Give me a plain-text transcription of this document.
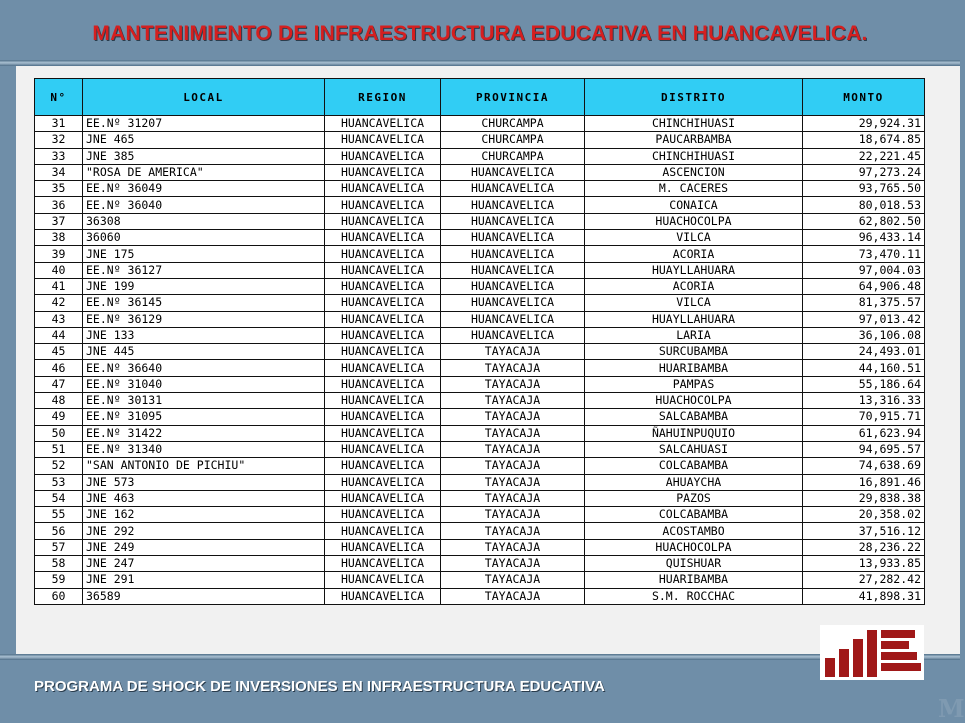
MANTENIMIENTO DE INFRAESTRUCTURA EDUCATIVA EN HUANCAVELICA.
N°	LOCAL	REGION	PROVINCIA	DISTRITO	MONTO
31	EE.Nº 31207	HUANCAVELICA	CHURCAMPA	CHINCHIHUASI	29,924.31
32	JNE 465	HUANCAVELICA	CHURCAMPA	PAUCARBAMBA	18,674.85
33	JNE 385	HUANCAVELICA	CHURCAMPA	CHINCHIHUASI	22,221.45
34	"ROSA DE AMERICA"	HUANCAVELICA	HUANCAVELICA	ASCENCION	97,273.24
35	EE.Nº 36049	HUANCAVELICA	HUANCAVELICA	M. CACERES	93,765.50
36	EE.Nº 36040	HUANCAVELICA	HUANCAVELICA	CONAICA	80,018.53
37	36308	HUANCAVELICA	HUANCAVELICA	HUACHOCOLPA	62,802.50
38	36060	HUANCAVELICA	HUANCAVELICA	VILCA	96,433.14
39	JNE 175	HUANCAVELICA	HUANCAVELICA	ACORIA	73,470.11
40	EE.Nº 36127	HUANCAVELICA	HUANCAVELICA	HUAYLLAHUARA	97,004.03
41	JNE 199	HUANCAVELICA	HUANCAVELICA	ACORIA	64,906.48
42	EE.Nº 36145	HUANCAVELICA	HUANCAVELICA	VILCA	81,375.57
43	EE.Nº 36129	HUANCAVELICA	HUANCAVELICA	HUAYLLAHUARA	97,013.42
44	JNE 133	HUANCAVELICA	HUANCAVELICA	LARIA	36,106.08
45	JNE 445	HUANCAVELICA	TAYACAJA	SURCUBAMBA	24,493.01
46	EE.Nº 36640	HUANCAVELICA	TAYACAJA	HUARIBAMBA	44,160.51
47	EE.Nº 31040	HUANCAVELICA	TAYACAJA	PAMPAS	55,186.64
48	EE.Nº 30131	HUANCAVELICA	TAYACAJA	HUACHOCOLPA	13,316.33
49	EE.Nº 31095	HUANCAVELICA	TAYACAJA	SALCABAMBA	70,915.71
50	EE.Nº 31422	HUANCAVELICA	TAYACAJA	ÑAHUINPUQUIO	61,623.94
51	EE.Nº 31340	HUANCAVELICA	TAYACAJA	SALCAHUASI	94,695.57
52	"SAN ANTONIO DE PICHIU"	HUANCAVELICA	TAYACAJA	COLCABAMBA	74,638.69
53	JNE 573	HUANCAVELICA	TAYACAJA	AHUAYCHA	16,891.46
54	JNE 463	HUANCAVELICA	TAYACAJA	PAZOS	29,838.38
55	JNE 162	HUANCAVELICA	TAYACAJA	COLCABAMBA	20,358.02
56	JNE 292	HUANCAVELICA	TAYACAJA	ACOSTAMBO	37,516.12
57	JNE 249	HUANCAVELICA	TAYACAJA	HUACHOCOLPA	28,236.22
58	JNE 247	HUANCAVELICA	TAYACAJA	QUISHUAR	13,933.85
59	JNE 291	HUANCAVELICA	TAYACAJA	HUARIBAMBA	27,282.42
60	36589	HUANCAVELICA	TAYACAJA	S.M. ROCCHAC	41,898.31

PROGRAMA DE SHOCK DE INVERSIONES EN INFRAESTRUCTURA EDUCATIVA

M
